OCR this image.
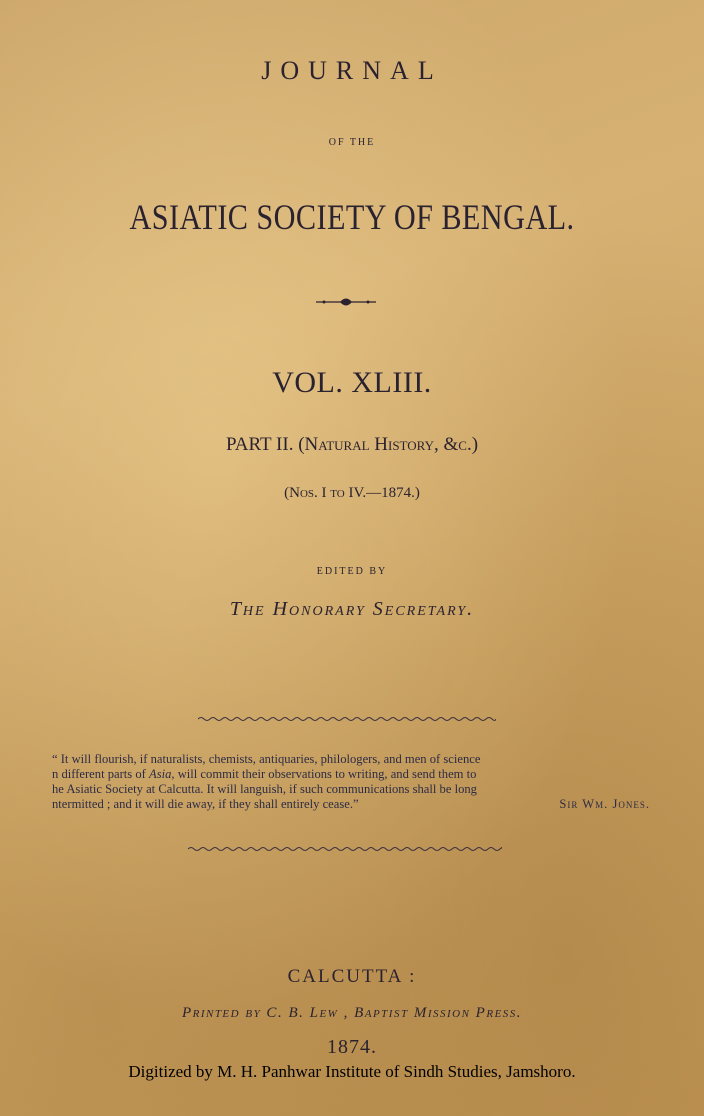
JOURNAL
OF THE
ASIATIC SOCIETY OF BENGAL.
VOL. XLIII.
PART II. (Natural History, &c.)
(Nos. I to IV.—1874.)
EDITED BY
The Honorary Secretary.
“ It will flourish, if naturalists, chemists, antiquaries, philologers, and men of science
n different parts of Asia, will commit their observations to writing, and send them to
he Asiatic Society at Calcutta. It will languish, if such communications shall be long
ntermitted ; and it will die away, if they shall entirely cease.”	Sir Wm. Jones.
CALCUTTA :
Printed by C. B. Lew , Baptist Mission Press.
1874.
Digitized by M. H. Panhwar Institute of Sindh Studies, Jamshoro.
